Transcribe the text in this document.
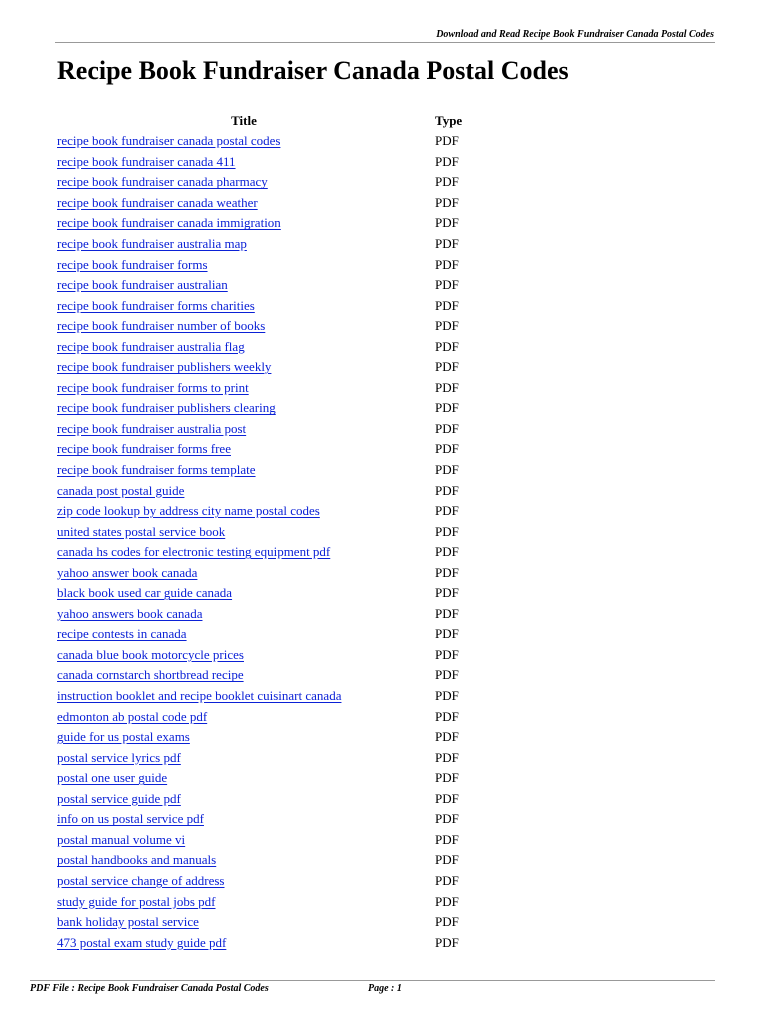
Download and Read Recipe Book Fundraiser Canada Postal Codes
Recipe Book Fundraiser Canada Postal Codes
Title	Type
recipe book fundraiser canada postal codes	PDF
recipe book fundraiser canada 411	PDF
recipe book fundraiser canada pharmacy	PDF
recipe book fundraiser canada weather	PDF
recipe book fundraiser canada immigration	PDF
recipe book fundraiser australia map	PDF
recipe book fundraiser forms	PDF
recipe book fundraiser australian	PDF
recipe book fundraiser forms charities	PDF
recipe book fundraiser number of books	PDF
recipe book fundraiser australia flag	PDF
recipe book fundraiser publishers weekly	PDF
recipe book fundraiser forms to print	PDF
recipe book fundraiser publishers clearing	PDF
recipe book fundraiser australia post	PDF
recipe book fundraiser forms free	PDF
recipe book fundraiser forms template	PDF
canada post postal guide	PDF
zip code lookup by address city name postal codes	PDF
united states postal service book	PDF
canada hs codes for electronic testing equipment pdf	PDF
yahoo answer book canada	PDF
black book used car guide canada	PDF
yahoo answers book canada	PDF
recipe contests in canada	PDF
canada blue book motorcycle prices	PDF
canada cornstarch shortbread recipe	PDF
instruction booklet and recipe booklet cuisinart canada	PDF
edmonton ab postal code pdf	PDF
guide for us postal exams	PDF
postal service lyrics pdf	PDF
postal one user guide	PDF
postal service guide pdf	PDF
info on us postal service pdf	PDF
postal manual volume vi	PDF
postal handbooks and manuals	PDF
postal service change of address	PDF
study guide for postal jobs pdf	PDF
bank holiday postal service	PDF
473 postal exam study guide pdf	PDF
PDF File : Recipe Book Fundraiser Canada Postal Codes	Page : 1
